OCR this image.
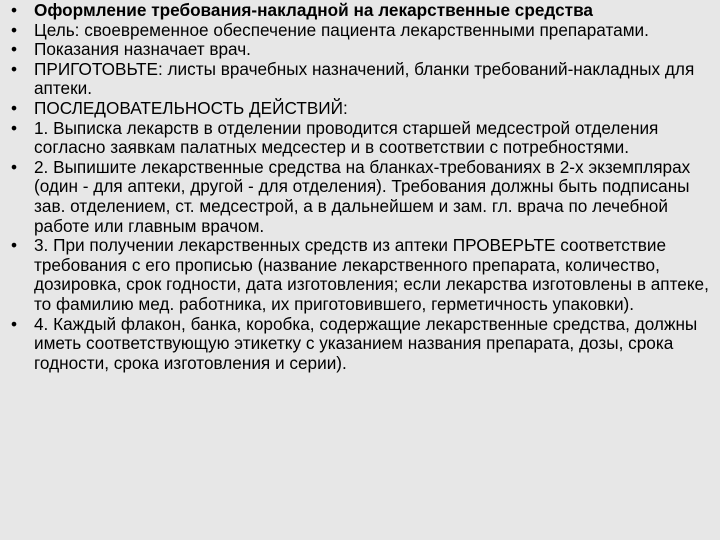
• Оформление требования-накладной на лекарственные средства
• Цель: своевременное обеспечение пациента лекарственными препаратами.
• Показания назначает врач.
• ПРИГОТОВЬТЕ: листы врачебных назначений, бланки требований-накладных для аптеки.
• ПОСЛЕДОВАТЕЛЬНОСТЬ ДЕЙСТВИЙ:
• 1. Выписка лекарств в отделении проводится старшей медсестрой отделения согласно заявкам палатных медсестер и в соответствии с потребностями.
• 2. Выпишите лекарственные средства на бланках-требованиях в 2-х экземплярах (один - для аптеки, другой - для отделения). Требования должны быть подписаны зав. отделением, ст. медсестрой, а в дальнейшем и зам. гл. врача по лечебной работе или главным врачом.
• 3. При получении лекарственных средств из аптеки ПРОВЕРЬТЕ соответствие требования с его прописью (название лекарственного препарата, количество, дозировка, срок годности, дата изготовления; если лекарства изготовлены в аптеке, то фамилию мед. работника, их приготовившего, герметичность упаковки).
• 4. Каждый флакон, банка, коробка, содержащие лекарственные средства, должны иметь соответствующую этикетку с указанием названия препарата, дозы, срока годности, срока изготовления и серии).
